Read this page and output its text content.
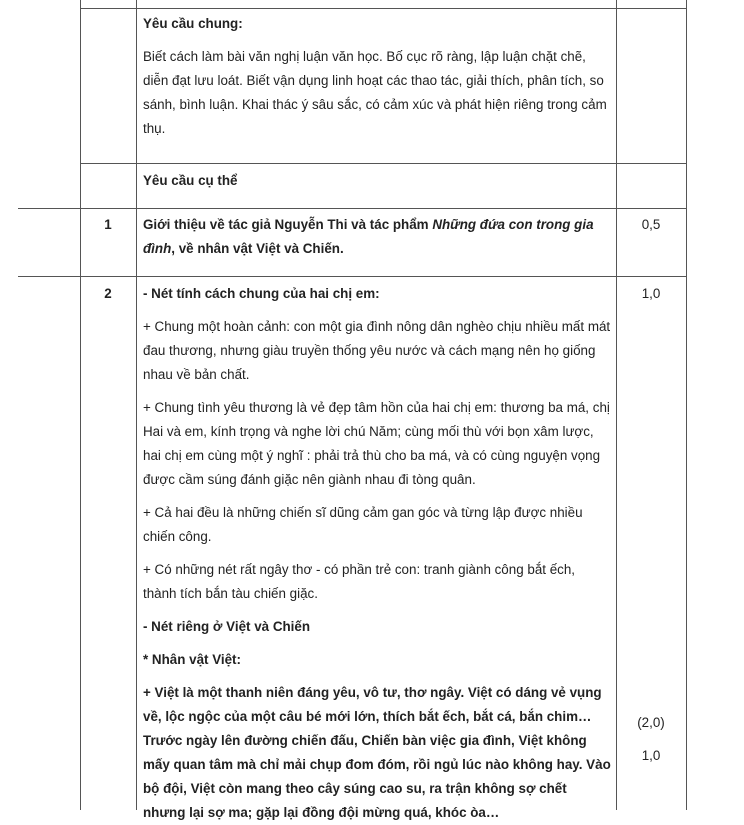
Yêu cầu chung:

Biết cách làm bài văn nghị luận văn học. Bố cục rõ ràng, lập luận chặt chẽ, diễn đạt lưu loát. Biết vận dụng linh hoạt các thao tác, giải thích, phân tích, so sánh, bình luận. Khai thác ý sâu sắc, có cảm xúc và phát hiện riêng trong cảm thụ.

Yêu cầu cụ thể

1	Giới thiệu về tác giả Nguyễn Thi và tác phẩm Những đứa con trong gia đình, về nhân vật Việt và Chiến.
0,5
2	- Nét tính cách chung của hai chị em:

+ Chung một hoàn cảnh: con một gia đình nông dân nghèo chịu nhiều mất mát đau thương, nhưng giàu truyền thống yêu nước và cách mạng nên họ giống nhau về bản chất.

+ Chung tình yêu thương là vẻ đẹp tâm hồn của hai chị em: thương ba má, chị Hai và em, kính trọng và nghe lời chú Năm; cùng mối thù với bọn xâm lược, hai chị em cùng một ý nghĩ : phải trả thù cho ba má, và có cùng nguyện vọng được cầm súng đánh giặc nên giành nhau đi tòng quân.

+ Cả hai đều là những chiến sĩ dũng cảm gan góc và từng lập được nhiều chiến công.

+ Có những nét rất ngây thơ - có phần trẻ con: tranh giành công bắt ếch, thành tích bắn tàu chiến giặc.

- Nét riêng ở Việt và Chiến

* Nhân vật Việt:

+ Việt là một thanh niên đáng yêu, vô tư, thơ ngây. Việt có dáng vẻ vụng về, lộc ngộc của một câu bé mới lớn, thích bắt ếch, bắt cá, bắn chim… Trước ngày lên đường chiến đấu, Chiến bàn việc gia đình, Việt không mấy quan tâm mà chỉ mải chụp đom đóm, rồi ngủ lúc nào không hay. Vào bộ đội, Việt còn mang theo cây súng cao su, ra trận không sợ chết nhưng lại sợ ma; gặp lại đồng đội mừng quá, khóc òa…

1,0
(2,0)
1,0
